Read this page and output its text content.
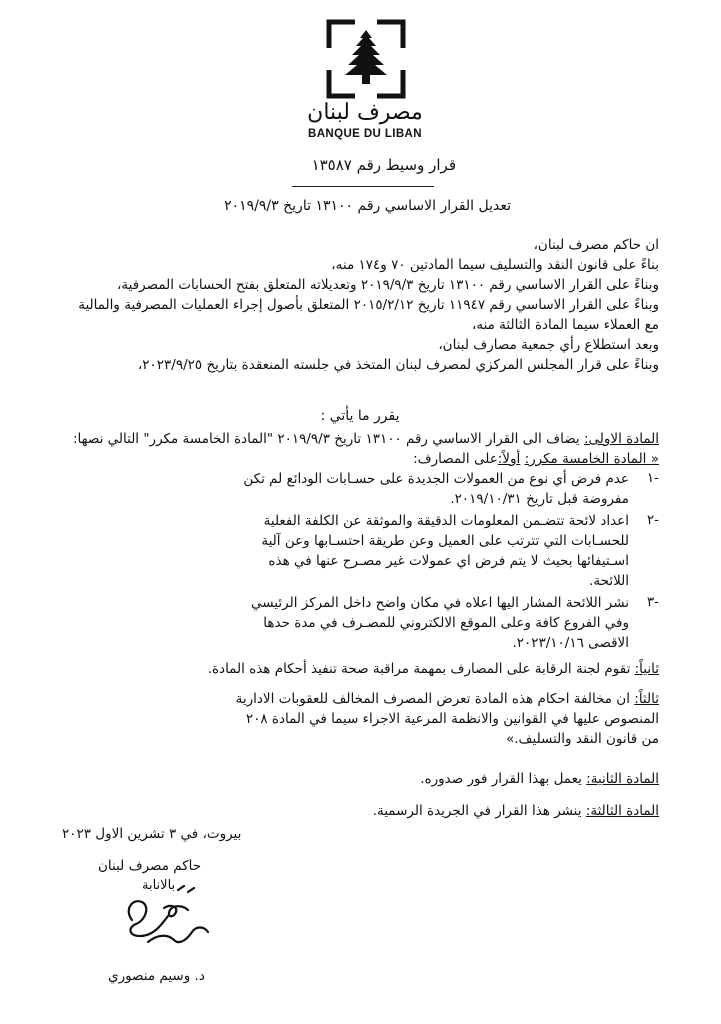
مصرف لبنان
BANQUE DU LIBAN
قرار وسيط رقم ١٣٥٨٧
تعديل القرار الاساسي رقم ١٣١٠٠ تاريخ ٢٠١٩/٩/٣
ان حاكم مصرف لبنان،
بناءً على قانون النقد والتسليف سيما المادتين ٧٠ و١٧٤ منه،
وبناءً على القرار الاساسي رقم ١٣١٠٠ تاريخ ٢٠١٩/٩/٣ وتعديلاته المتعلق بفتح الحسابات المصرفية،
وبناءً على القرار الاساسي رقم ١١٩٤٧ تاريخ ٢٠١٥/٢/١٢ المتعلق بأصول إجراء العمليات المصرفية والمالية
مع العملاء سيما المادة الثالثة منه،
وبعد استطلاع رأي جمعية مصارف لبنان،
وبناءً على قرار المجلس المركزي لمصرف لبنان المتخذ في جلسته المنعقدة بتاريخ ٢٠٢٣/٩/٢٥،
يقرر ما يأتي :
المادة الاولى: يضاف الى القرار الاساسي رقم ١٣١٠٠ تاريخ ٢٠١٩/٩/٣ "المادة الخامسة مكرر" التالي نصها:
« المادة الخامسة مكرر: أولاً:على المصارف:
١-
عدم فرض أي نوع من العمولات الجديدة على حسـابات الودائع لم تكن
مفروضة قبل تاريخ ٢٠١٩/١٠/٣١.
٢-
اعداد لائحة تتضـمن المعلومات الدقيقة والموثقة عن الكلفة الفعلية
للحسـابات التي تترتب على العميل وعن طريقة احتسـابها وعن آلية
اسـتيفائها بحيث لا يتم فرض اي عمولات غير مصـرح عنها في هذه
اللائحة.
٣-
نشر اللائحة المشار اليها اعلاه في مكان واضح داخل المركز الرئيسي
وفي الفروع كافة وعلى الموقع الالكتروني للمصـرف في مدة حدها
الاقصى ٢٠٢٣/١٠/١٦.
ثانياً: تقوم لجنة الرقابة على المصارف بمهمة مراقبة صحة تنفيذ أحكام هذه المادة.
ثالثاً: ان مخالفة احكام هذه المادة تعرض المصرف المخالف للعقوبات الادارية
المنصوص عليها في القوانين والانظمة المرعية الاجراء سيما في المادة ٢٠٨
من قانون النقد والتسليف.»
المادة الثانية: يعمل بهذا القرار فور صدوره.
المادة الثالثة: ينشر هذا القرار في الجريدة الرسمية.
بيروت، في ٣ تشرين الاول ٢٠٢٣
حاكم مصرف لبنان
بالانابة
د. وسيم منصوري
